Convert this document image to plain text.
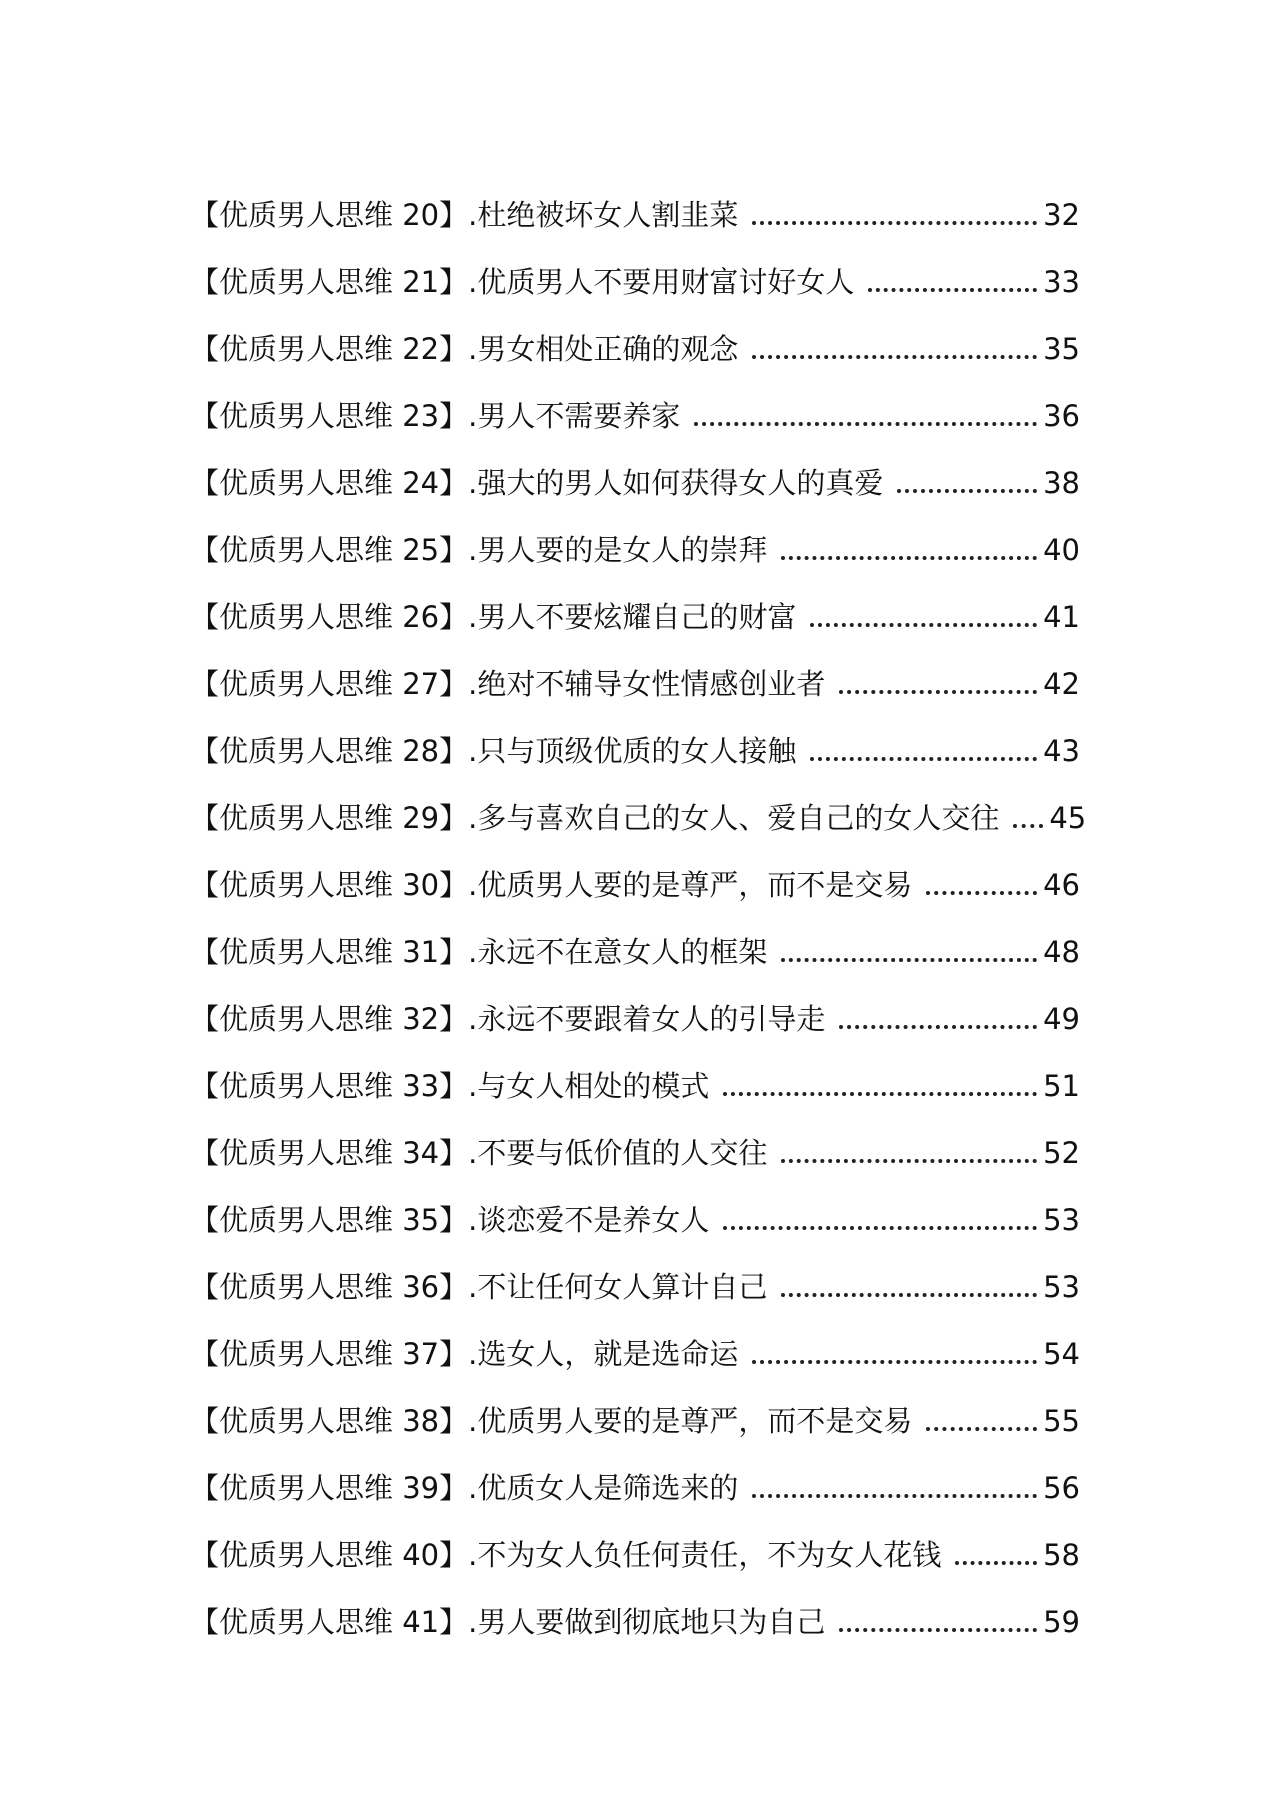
【优质男人思维 20】.杜绝被坏女人割韭菜	32
【优质男人思维 21】.优质男人不要用财富讨好女人	33
【优质男人思维 22】.男女相处正确的观念	35
【优质男人思维 23】.男人不需要养家	36
【优质男人思维 24】.强大的男人如何获得女人的真爱	38
【优质男人思维 25】.男人要的是女人的崇拜	40
【优质男人思维 26】.男人不要炫耀自己的财富	41
【优质男人思维 27】.绝对不辅导女性情感创业者	42
【优质男人思维 28】.只与顶级优质的女人接触	43
【优质男人思维 29】.多与喜欢自己的女人、爱自己的女人交往 45
【优质男人思维 30】.优质男人要的是尊严，而不是交易	46
【优质男人思维 31】.永远不在意女人的框架	48
【优质男人思维 32】.永远不要跟着女人的引导走	49
【优质男人思维 33】.与女人相处的模式	51
【优质男人思维 34】.不要与低价值的人交往	52
【优质男人思维 35】.谈恋爱不是养女人	53
【优质男人思维 36】.不让任何女人算计自己	53
【优质男人思维 37】.选女人，就是选命运	54
【优质男人思维 38】.优质男人要的是尊严，而不是交易	55
【优质男人思维 39】.优质女人是筛选来的	56
【优质男人思维 40】.不为女人负任何责任，不为女人花钱	58
【优质男人思维 41】.男人要做到彻底地只为自己	59
